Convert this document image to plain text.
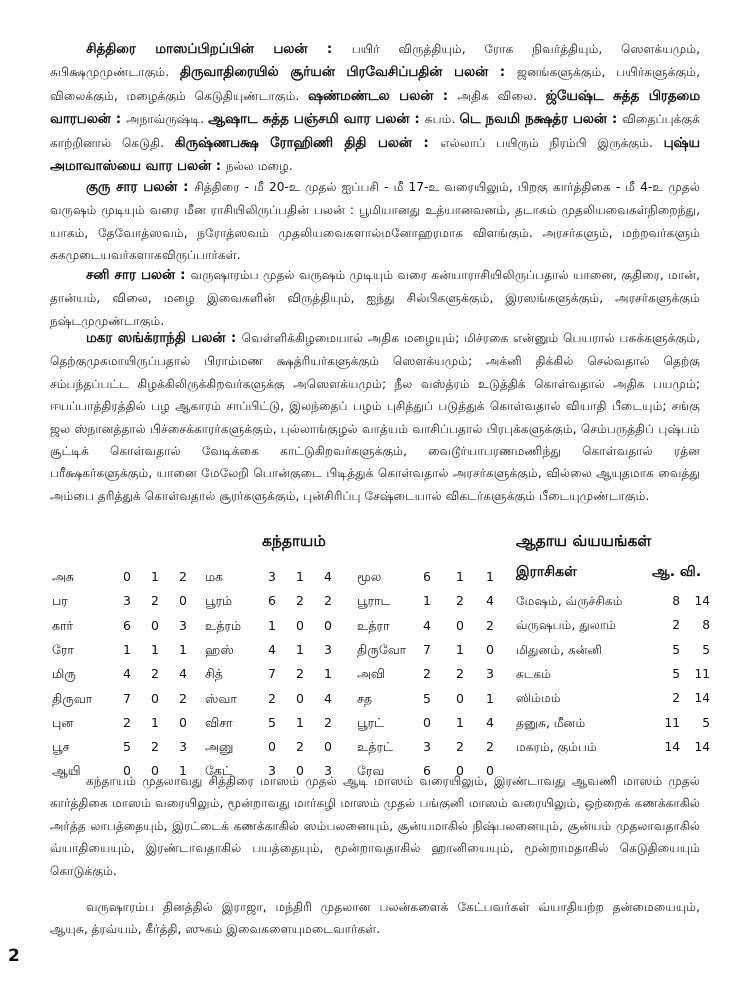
சித்திரை மாஸப்பிறப்பின் பலன் : பயிர் விருத்தியும், ரோக நிவர்த்தியும், ஸௌக்யமும், சுபிக்ஷமுமுண்டாகும். திருவாதிரையில் சூர்யன் பிரவேசிப்பதின் பலன் : ஜனங்களுக்கும், பயிர்களுக்கும், விலைக்கும், மழைக்கும் கெடுதியுண்டாகும். ஷண்மண்டல பலன் : அதிக விலை. ஜ்யேஷ்ட சுத்த பிரதமை வாரபலன் : அநாவ்ருஷ்டி. ஆஷாட சுத்த பஞ்சமி வார பலன் : சுபம். டெ நவமி நக்ஷத்ர பலன் : விதைப்புக்குக் காற்றினால் கெடுதி. கிருஷ்ணபக்ஷ ரோஹிணி திதி பலன் : எல்லாப் பயிரும் நிரம்பி இருக்கும். புஷ்ய அமாவாஸ்யை வார பலன் : நல்ல மழை.

குரு சார பலன் : சித்திரை - மீ 20-உ முதல் ஐப்பசி - மீ 17-உ வரையிலும், பிறகு கார்த்திகை - மீ 4-உ முதல் வருஷம் முடியும் வரை மீன ராசியிலிருப்பதின் பலன் : பூமியானது உத்யானவனம், தடாகம் முதலியவைகள்நிறைந்து, யாகம், தேவோத்ஸவம், நரோத்ஸவம் முதலியவைகளால்மனோஹரமாக விளங்கும். அரசர்களும், மற்றவர்களும் சுகமுடையவர்களாகவிருப்பார்கள்.

சனி சார பலன் : வருஷாரம்ப முதல் வருஷம் முடியும் வரை கன்யாராசியிலிருப்பதால் யானை, குதிரை, மான், தான்யம், விலை, மழை இவைகளின் விருத்தியும், ஐந்து சில்பிகளுக்கும், இரஸங்களுக்கும், அரசர்களுக்கும் நஷ்டமுமுண்டாகும்.

மகர ஸங்க்ராந்தி பலன் : வெள்ளிக்கிழமையால் அதிக மழையும்; மிச்ரகை என்னும் பெயரால் பசுக்களுக்கும், தெற்குமுகமாயிருப்பதால் பிராம்மண க்ஷத்ரியர்களுக்கும் ஸௌக்யமும்; அக்னி திக்கில் செல்வதால் தெற்கு சம்பந்தப்பட்ட கிழக்கிலிருக்கிறவர்களுக்கு அஸௌக்யமும்; நீல வஸ்த்ரம் உடுத்திக் கொள்வதால் அதிக பயமும்; ஈயப்பாத்திரத்தில் பழ ஆகாரம் சாப்பிட்டு, இலந்தைப் பழம் புசித்துப் படுத்துக் கொள்வதால் வியாதி பீடையும்; சங்கு ஜல ஸ்நானத்தால் பிச்சைக்காரர்களுக்கும், புல்லாங்குழல் வாத்யம் வாசிப்பதால் பிரபுக்களுக்கும், செம்பருத்திப் புஷ்பம் சூட்டிக் கொள்வதால் வேடிக்கை காட்டுகிறவர்களுக்கும், வைடூர்யாபரணமணிந்து கொள்வதால் ரத்ன பரீக்ஷகர்களுக்கும், யானை மேலேறி பொன்குடை பிடித்துக் கொள்வதால் அரசர்களுக்கும், வில்லை ஆயுதமாக வைத்து அம்பை தரித்துக் கொள்வதால் சூரர்களுக்கும், புன்சிரிப்பு சேஷ்டையால் விகடர்களுக்கும் பீடையுமுண்டாகும்.

கந்தாயம்	ஆதாய வ்யயங்கள்
அசு	0	1	2	மக	3	1	4	மூல	6	1	1
பர	3	2	0	பூரம்	6	2	2	பூராட	1	2	4
கார்	6	0	3	உத்ரம்	1	0	0	உத்ரா	4	0	2
ரோ	1	1	1	ஹஸ்	4	1	3	திருவோ	7	1	0
மிரு	4	2	4	சித்	7	2	1	அவி	2	2	3
திருவா	7	0	2	ஸ்வா	2	0	4	சத	5	0	1
புன	2	1	0	விசா	5	1	2	பூரட்	0	1	4
பூச	5	2	3	அனு	0	2	0	உத்ரட்	3	2	2
ஆயி	0	0	1	கேட்	3	0	3	ரேவ	6	0	0
இராசிகள்	ஆ. வி.
மேஷம், வ்ருச்சிகம்	8	14
வ்ருஷபம், துலாம்	2	8
மிதுனம், கன்னி	5	5
கடகம்	5	11
ஸிம்மம்	2	14
தனுசு, மீனம்	11	5
மகரம், கும்பம்	14	14

கந்தாயம் முதலாவது சித்திரை மாஸம் முதல் ஆடி மாஸம் வரையிலும், இரண்டாவது ஆவணி மாஸம் முதல் கார்த்திகை மாஸம் வரையிலும், மூன்றாவது மார்கழி மாஸம் முதல் பங்குனி மாஸம் வரையிலும், ஒற்றைக் கணக்காகில் அர்த்த லாபத்தையும், இரட்டைக் கணக்காகில் ஸம்பலனையும், சூன்யமாகில் நிஷ்பலனையும், சூன்யம் முதலாவதாகில் வ்யாதியையும், இரண்டாவதாகில் பயத்தையும், மூன்றாவதாகில் ஹானியையும், மூன்றாமதாகில் கெடுதியையும் கொடுக்கும்.

வருஷாரம்ப தினத்தில் இராஜா, மந்திரி முதலான பலன்களைக் கேட்பவர்கள் வ்யாதியற்ற தன்மையையும், ஆயுசு, த்ரவ்யம், கீர்த்தி, ஸுகம் இவைகளையுமடைவார்கள்.

2
